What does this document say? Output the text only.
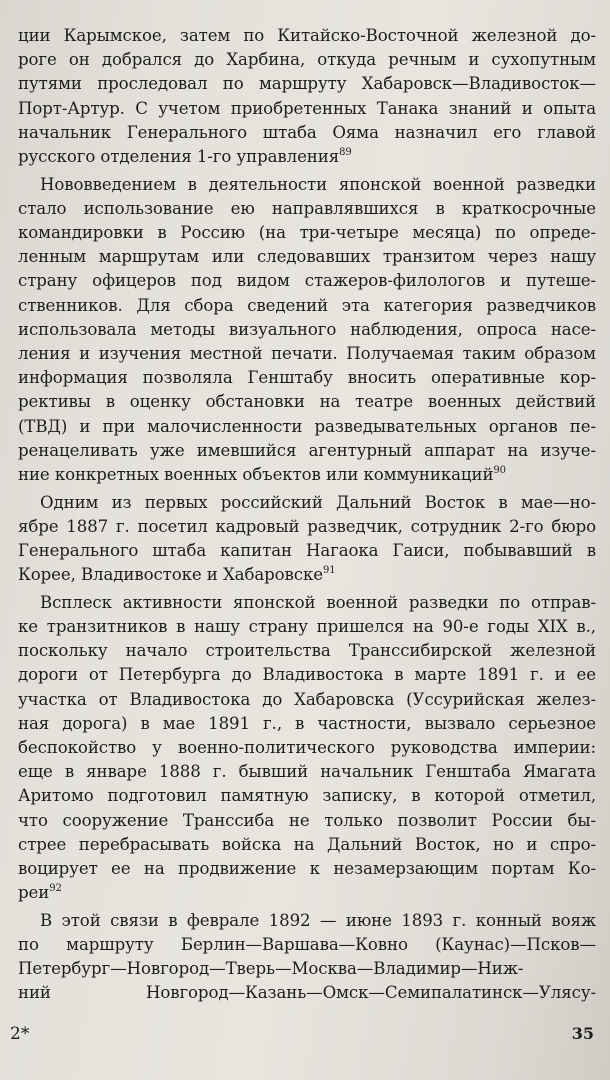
ции Карымское, затем по Китайско-Восточной железной до-
роге он добрался до Харбина, откуда речным и сухопутным
путями проследовал по маршруту Хабаровск—Владивосток—
Порт-Артур. С учетом приобретенных Танака знаний и опыта
начальник Генерального штаба Ояма назначил его главой
русского отделения 1-го управления$^{89}$
Нововведением в деятельности японской военной разведки
стало использование ею направлявшихся в краткосрочные
командировки в Россию (на три-четыре месяца) по опреде-
ленным маршрутам или следовавших транзитом через нашу
страну офицеров под видом стажеров-филологов и путеше-
ственников. Для сбора сведений эта категория разведчиков
использовала методы визуального наблюдения, опроса насе-
ления и изучения местной печати. Получаемая таким образом
информация позволяла Генштабу вносить оперативные кор-
рективы в оценку обстановки на театре военных действий
(ТВД) и при малочисленности разведывательных органов пе-
ренацеливать уже имевшийся агентурный аппарат на изуче-
ние конкретных военных объектов или коммуникаций$^{90}$
Одним из первых российский Дальний Восток в мае—но-
ябре 1887 г. посетил кадровый разведчик, сотрудник 2-го бюро
Генерального штаба капитан Нагаока Гаиси, побывавший в
Корее, Владивостоке и Хабаровске$^{91}$
Всплеск активности японской военной разведки по отправ-
ке транзитников в нашу страну пришелся на 90-е годы XIX в.,
поскольку начало строительства Транссибирской железной
дороги от Петербурга до Владивостока в марте 1891 г. и ее
участка от Владивостока до Хабаровска (Уссурийская желез-
ная дорога) в мае 1891 г., в частности, вызвало серьезное
беспокойство у военно-политического руководства империи:
еще в январе 1888 г. бывший начальник Генштаба Ямагата
Аритомо подготовил памятную записку, в которой отметил,
что сооружение Транссиба не только позволит России бы-
стрее перебрасывать войска на Дальний Восток, но и спро-
воцирует ее на продвижение к незамерзающим портам Ко-
реи$^{92}$
В этой связи в феврале 1892 — июне 1893 г. конный вояж
по маршруту Берлин—Варшава—Ковно (Каунас)—Псков—
Петербург—Новгород—Тверь—Москва—Владимир—Ниж-
ний Новгород—Казань—Омск—Семипалатинск—Улясу-
2*	35
